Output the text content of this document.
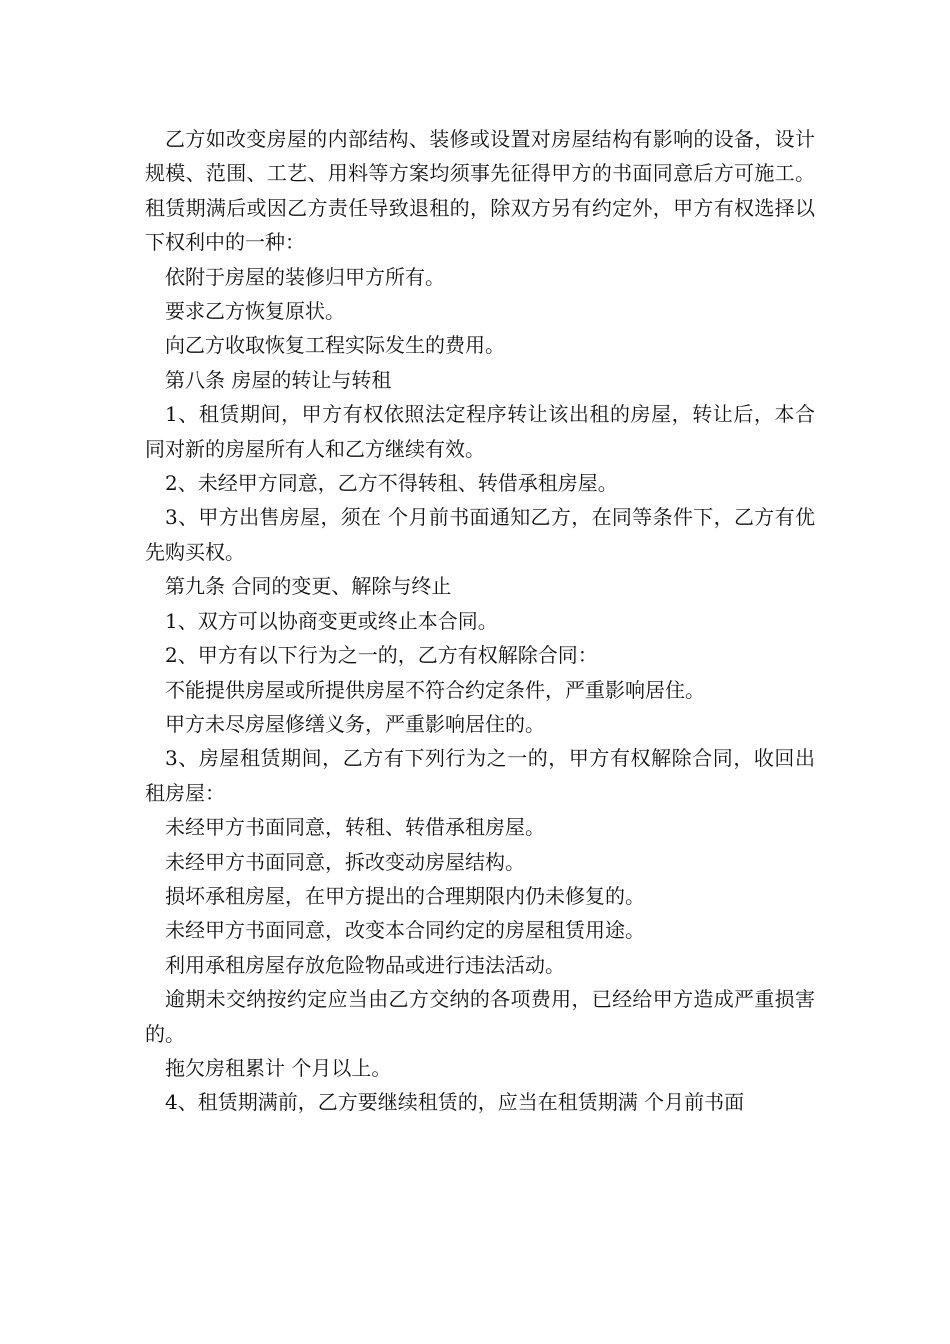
乙方如改变房屋的内部结构、装修或设置对房屋结构有影响的设备，设计规模、范围、工艺、用料等方案均须事先征得甲方的书面同意后方可施工。租赁期满后或因乙方责任导致退租的，除双方另有约定外，甲方有权选择以下权利中的一种：

依附于房屋的装修归甲方所有。

要求乙方恢复原状。

向乙方收取恢复工程实际发生的费用。

第八条 房屋的转让与转租

1、租赁期间，甲方有权依照法定程序转让该出租的房屋，转让后，本合同对新的房屋所有人和乙方继续有效。

2、未经甲方同意，乙方不得转租、转借承租房屋。

3、甲方出售房屋，须在 个月前书面通知乙方，在同等条件下，乙方有优先购买权。

第九条 合同的变更、解除与终止

1、双方可以协商变更或终止本合同。

2、甲方有以下行为之一的，乙方有权解除合同：

不能提供房屋或所提供房屋不符合约定条件，严重影响居住。

甲方未尽房屋修缮义务，严重影响居住的。

3、房屋租赁期间，乙方有下列行为之一的，甲方有权解除合同，收回出租房屋：

未经甲方书面同意，转租、转借承租房屋。

未经甲方书面同意，拆改变动房屋结构。

损坏承租房屋，在甲方提出的合理期限内仍未修复的。

未经甲方书面同意，改变本合同约定的房屋租赁用途。

利用承租房屋存放危险物品或进行违法活动。

逾期未交纳按约定应当由乙方交纳的各项费用，已经给甲方造成严重损害的。

拖欠房租累计 个月以上。

4、租赁期满前，乙方要继续租赁的，应当在租赁期满 个月前书面
